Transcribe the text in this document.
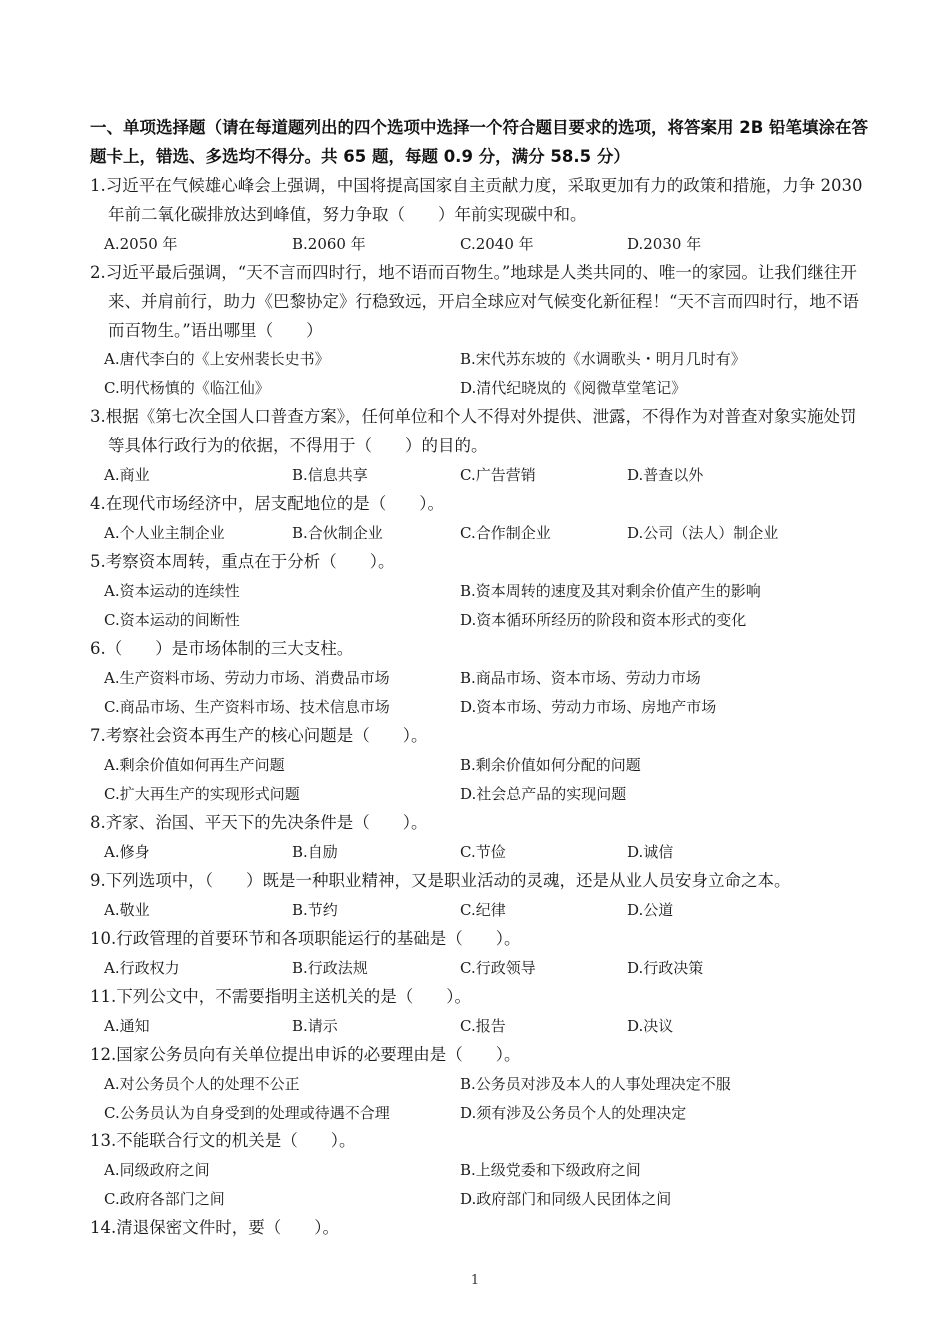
一、单项选择题（请在每道题列出的四个选项中选择一个符合题目要求的选项，将答案用 2B 铅笔填涂在答题卡上，错选、多选均不得分。共 65 题，每题 0.9 分，满分 58.5 分）

1.习近平在气候雄心峰会上强调，中国将提高国家自主贡献力度，采取更加有力的政策和措施，力争 2030 年前二氧化碳排放达到峰值，努力争取（　　）年前实现碳中和。

A.2050 年	B.2060 年	C.2040 年	D.2030 年

2.习近平最后强调，“天不言而四时行，地不语而百物生。”地球是人类共同的、唯一的家园。让我们继往开来、并肩前行，助力《巴黎协定》行稳致远，开启全球应对气候变化新征程！“天不言而四时行，地不语而百物生。”语出哪里（　　）

A.唐代李白的《上安州裴长史书》	B.宋代苏东坡的《水调歌头・明月几时有》
C.明代杨慎的《临江仙》	D.清代纪晓岚的《阅微草堂笔记》

3.根据《第七次全国人口普查方案》，任何单位和个人不得对外提供、泄露，不得作为对普查对象实施处罚等具体行政行为的依据，不得用于（　　）的目的。

A.商业	B.信息共享	C.广告营销	D.普查以外

4.在现代市场经济中，居支配地位的是（　　）。

A.个人业主制企业	B.合伙制企业	C.合作制企业	D.公司（法人）制企业

5.考察资本周转，重点在于分析（　　）。

A.资本运动的连续性	B.资本周转的速度及其对剩余价值产生的影响
C.资本运动的间断性	D.资本循环所经历的阶段和资本形式的变化

6.（　　）是市场体制的三大支柱。

A.生产资料市场、劳动力市场、消费品市场	B.商品市场、资本市场、劳动力市场
C.商品市场、生产资料市场、技术信息市场	D.资本市场、劳动力市场、房地产市场

7.考察社会资本再生产的核心问题是（　　）。

A.剩余价值如何再生产问题	B.剩余价值如何分配的问题
C.扩大再生产的实现形式问题	D.社会总产品的实现问题

8.齐家、治国、平天下的先决条件是（　　）。

A.修身	B.自励	C.节俭	D.诚信

9.下列选项中，（　　）既是一种职业精神，又是职业活动的灵魂，还是从业人员安身立命之本。

A.敬业	B.节约	C.纪律	D.公道

10.行政管理的首要环节和各项职能运行的基础是（　　）。

A.行政权力	B.行政法规	C.行政领导	D.行政决策

11.下列公文中，不需要指明主送机关的是（　　）。

A.通知	B.请示	C.报告	D.决议

12.国家公务员向有关单位提出申诉的必要理由是（　　）。

A.对公务员个人的处理不公正	B.公务员对涉及本人的人事处理决定不服
C.公务员认为自身受到的处理或待遇不合理	D.须有涉及公务员个人的处理决定

13.不能联合行文的机关是（　　）。

A.同级政府之间	B.上级党委和下级政府之间
C.政府各部门之间	D.政府部门和同级人民团体之间

14.清退保密文件时，要（　　）。

1
